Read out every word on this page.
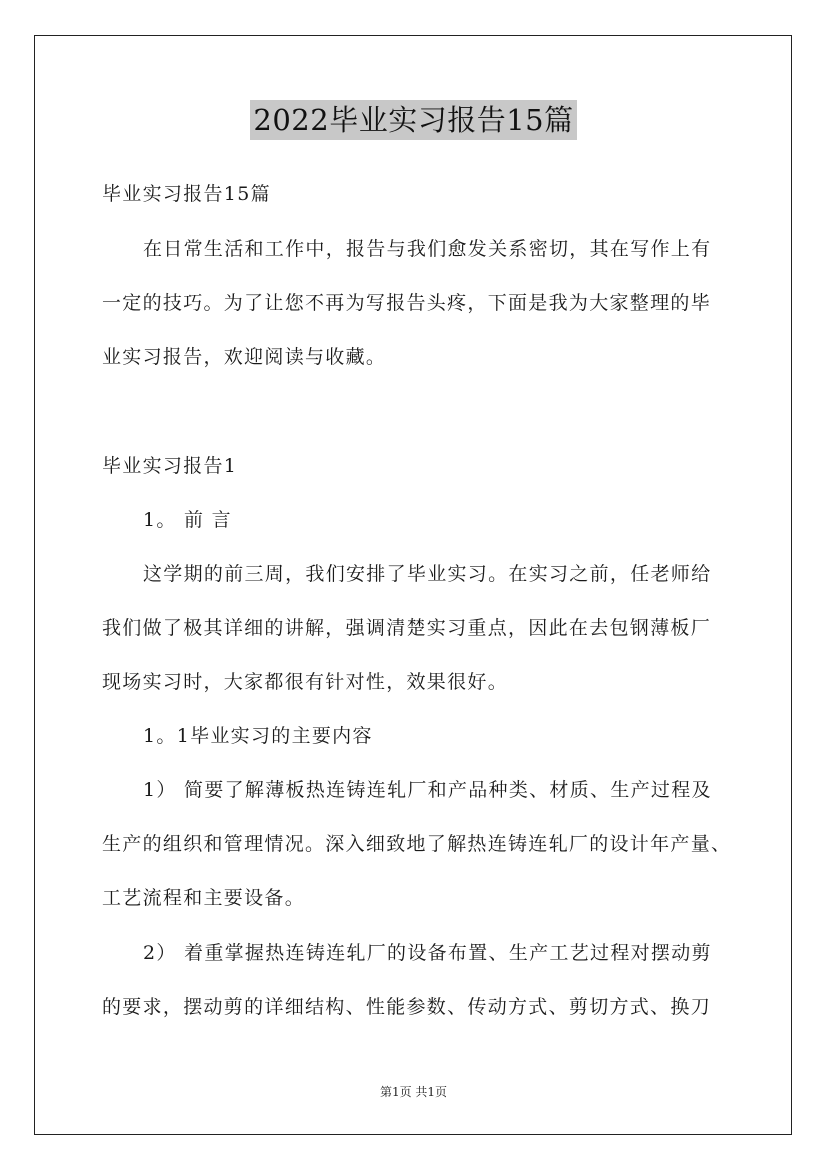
2022毕业实习报告15篇
毕业实习报告15篇
在日常生活和工作中，报告与我们愈发关系密切，其在写作上有
一定的技巧。为了让您不再为写报告头疼，下面是我为大家整理的毕
业实习报告，欢迎阅读与收藏。
毕业实习报告1
1。 前 言
这学期的前三周，我们安排了毕业实习。在实习之前，任老师给
我们做了极其详细的讲解，强调清楚实习重点，因此在去包钢薄板厂
现场实习时，大家都很有针对性，效果很好。
1。1毕业实习的主要内容
1） 简要了解薄板热连铸连轧厂和产品种类、材质、生产过程及
生产的组织和管理情况。深入细致地了解热连铸连轧厂的设计年产量、
工艺流程和主要设备。
2） 着重掌握热连铸连轧厂的设备布置、生产工艺过程对摆动剪
的要求，摆动剪的详细结构、性能参数、传动方式、剪切方式、换刀
第1页 共1页
